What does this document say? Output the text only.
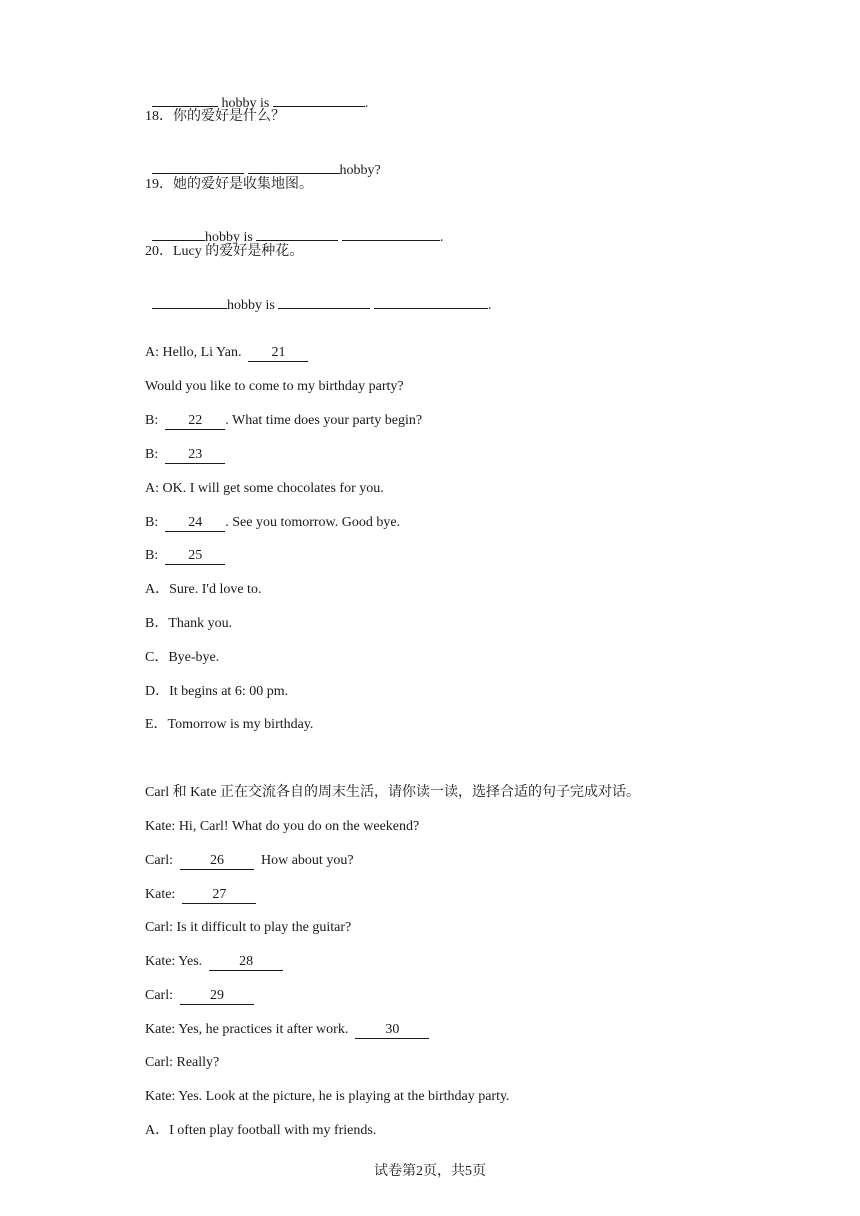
hobby is	.

18．你的爱好是什么？

hobby?

19．她的爱好是收集地图。

hobby is	.

20．Lucy 的爱好是种花。

hobby is	.

A: Hello, Li Yan. 21
Would you like to come to my birthday party?
B: 22 . What time does your party begin?
B: 23
A: OK. I will get some chocolates for you.
B: 24 . See you tomorrow. Good bye.
B: 25
A．Sure. I'd love to.
B．Thank you.
C．Bye-bye.
D．It begins at 6: 00 pm.
E．Tomorrow is my birthday.
Carl 和 Kate 正在交流各自的周末生活，请你读一读，选择合适的句子完成对话。
Kate: Hi, Carl! What do you do on the weekend?
Carl:	26	How about you?
Kate:	27
Carl: Is it difficult to play the guitar?
Kate: Yes.	28
Carl:	29
Kate: Yes, he practices it after work.	30
Carl: Really?
Kate: Yes. Look at the picture, he is playing at the birthday party.
A．I often play football with my friends.
试卷第2页，共5页
